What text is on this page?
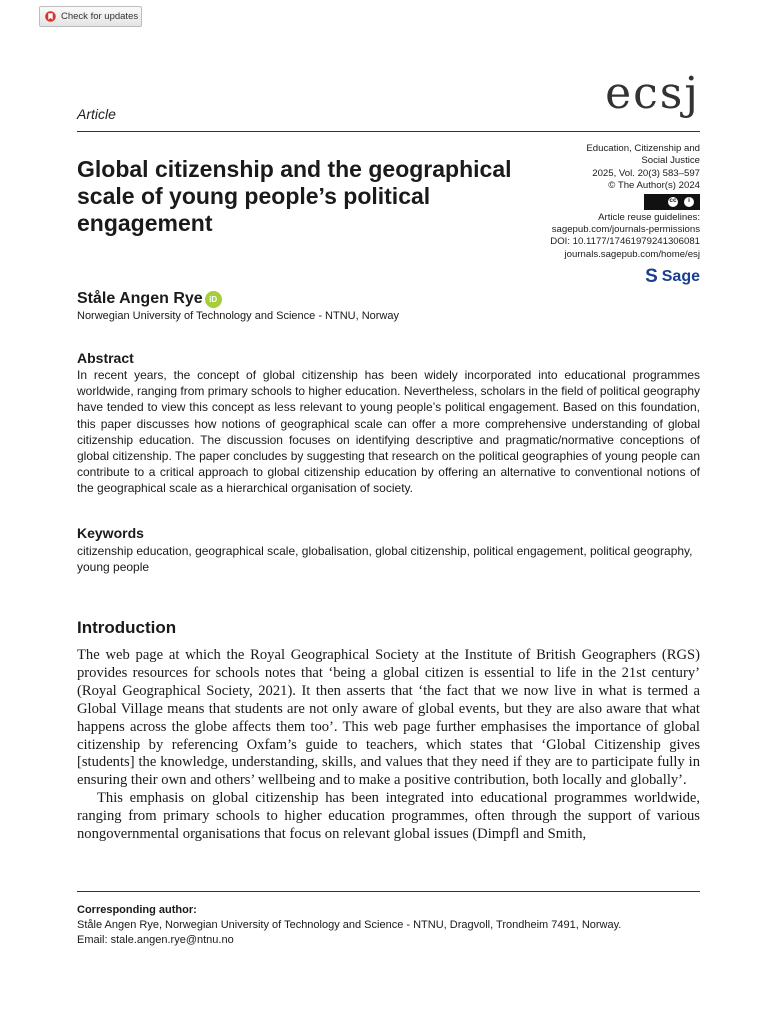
Check for updates
Article	ecsj
Global citizenship and the geographical scale of young people’s political engagement
Education, Citizenship and
Social Justice
2025, Vol. 20(3) 583–597
© The Author(s) 2024
cc	i
Article reuse guidelines:
sagepub.com/journals-permissions
DOI: 10.1177/17461979241306081
journals.sagepub.com/home/esj
S Sage
Ståle Angen Rye iD
Norwegian University of Technology and Science - NTNU, Norway
Abstract

In recent years, the concept of global citizenship has been widely incorporated into educational programmes worldwide, ranging from primary schools to higher education. Nevertheless, scholars in the field of political geography have tended to view this concept as less relevant to young people’s political engagement. Based on this foundation, this paper discusses how notions of geographical scale can offer a more comprehensive understanding of global citizenship education. The discussion focuses on identifying descriptive and pragmatic/normative conceptions of global citizenship. The paper concludes by suggesting that research on the political geographies of young people can contribute to a critical approach to global citizenship education by offering an alternative to conventional notions of the geographical scale as a hierarchical organisation of society.

Keywords

citizenship education, geographical scale, globalisation, global citizenship, political engagement, political geography, young people

Introduction

The web page at which the Royal Geographical Society at the Institute of British Geographers (RGS) provides resources for schools notes that ‘being a global citizen is essential to life in the 21st century’ (Royal Geographical Society, 2021). It then asserts that ‘the fact that we now live in what is termed a Global Village means that students are not only aware of global events, but they are also aware that what happens across the globe affects them too’. This web page further emphasises the importance of global citizenship by referencing Oxfam’s guide to teachers, which states that ‘Global Citizenship gives [students] the knowledge, understanding, skills, and values that they need if they are to participate fully in ensuring their own and others’ wellbeing and to make a positive contribution, both locally and globally’.

This emphasis on global citizenship has been integrated into educational programmes worldwide, ranging from primary schools to higher education programmes, often through the support of various nongovernmental organisations that focus on relevant global issues (Dimpfl and Smith,

Corresponding author:
Ståle Angen Rye, Norwegian University of Technology and Science - NTNU, Dragvoll, Trondheim 7491, Norway.
Email: stale.angen.rye@ntnu.no
